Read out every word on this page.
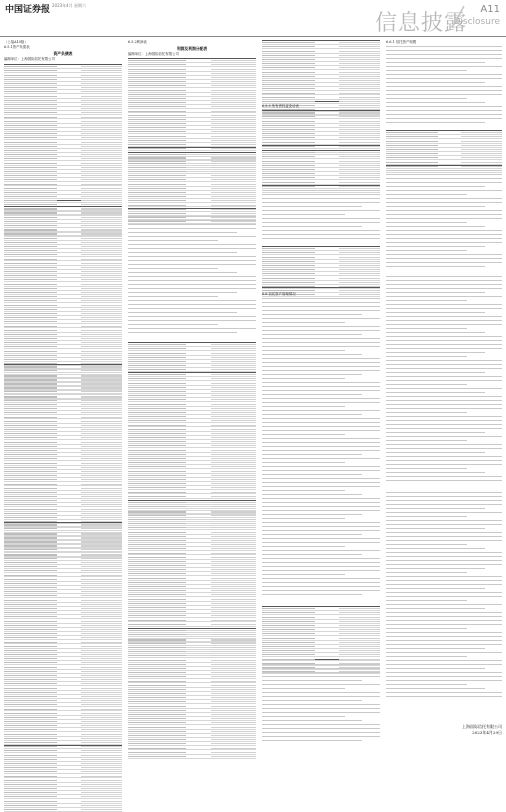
中国证券报 2023年4月 星期六
信息披露
A11
Disclosure
（上接A10版）
6.5.1资产负债表
资产负债表
编制单位：上海国际信托有限公司
6.5.2利润表
利润及利润分配表
编制单位：上海国际信托有限公司
6.5.3 所有者权益变动表
6.6 信托资产管理情况
6.6.1 信托资产规模
上海国际信托有限公司
2023年4月29日
